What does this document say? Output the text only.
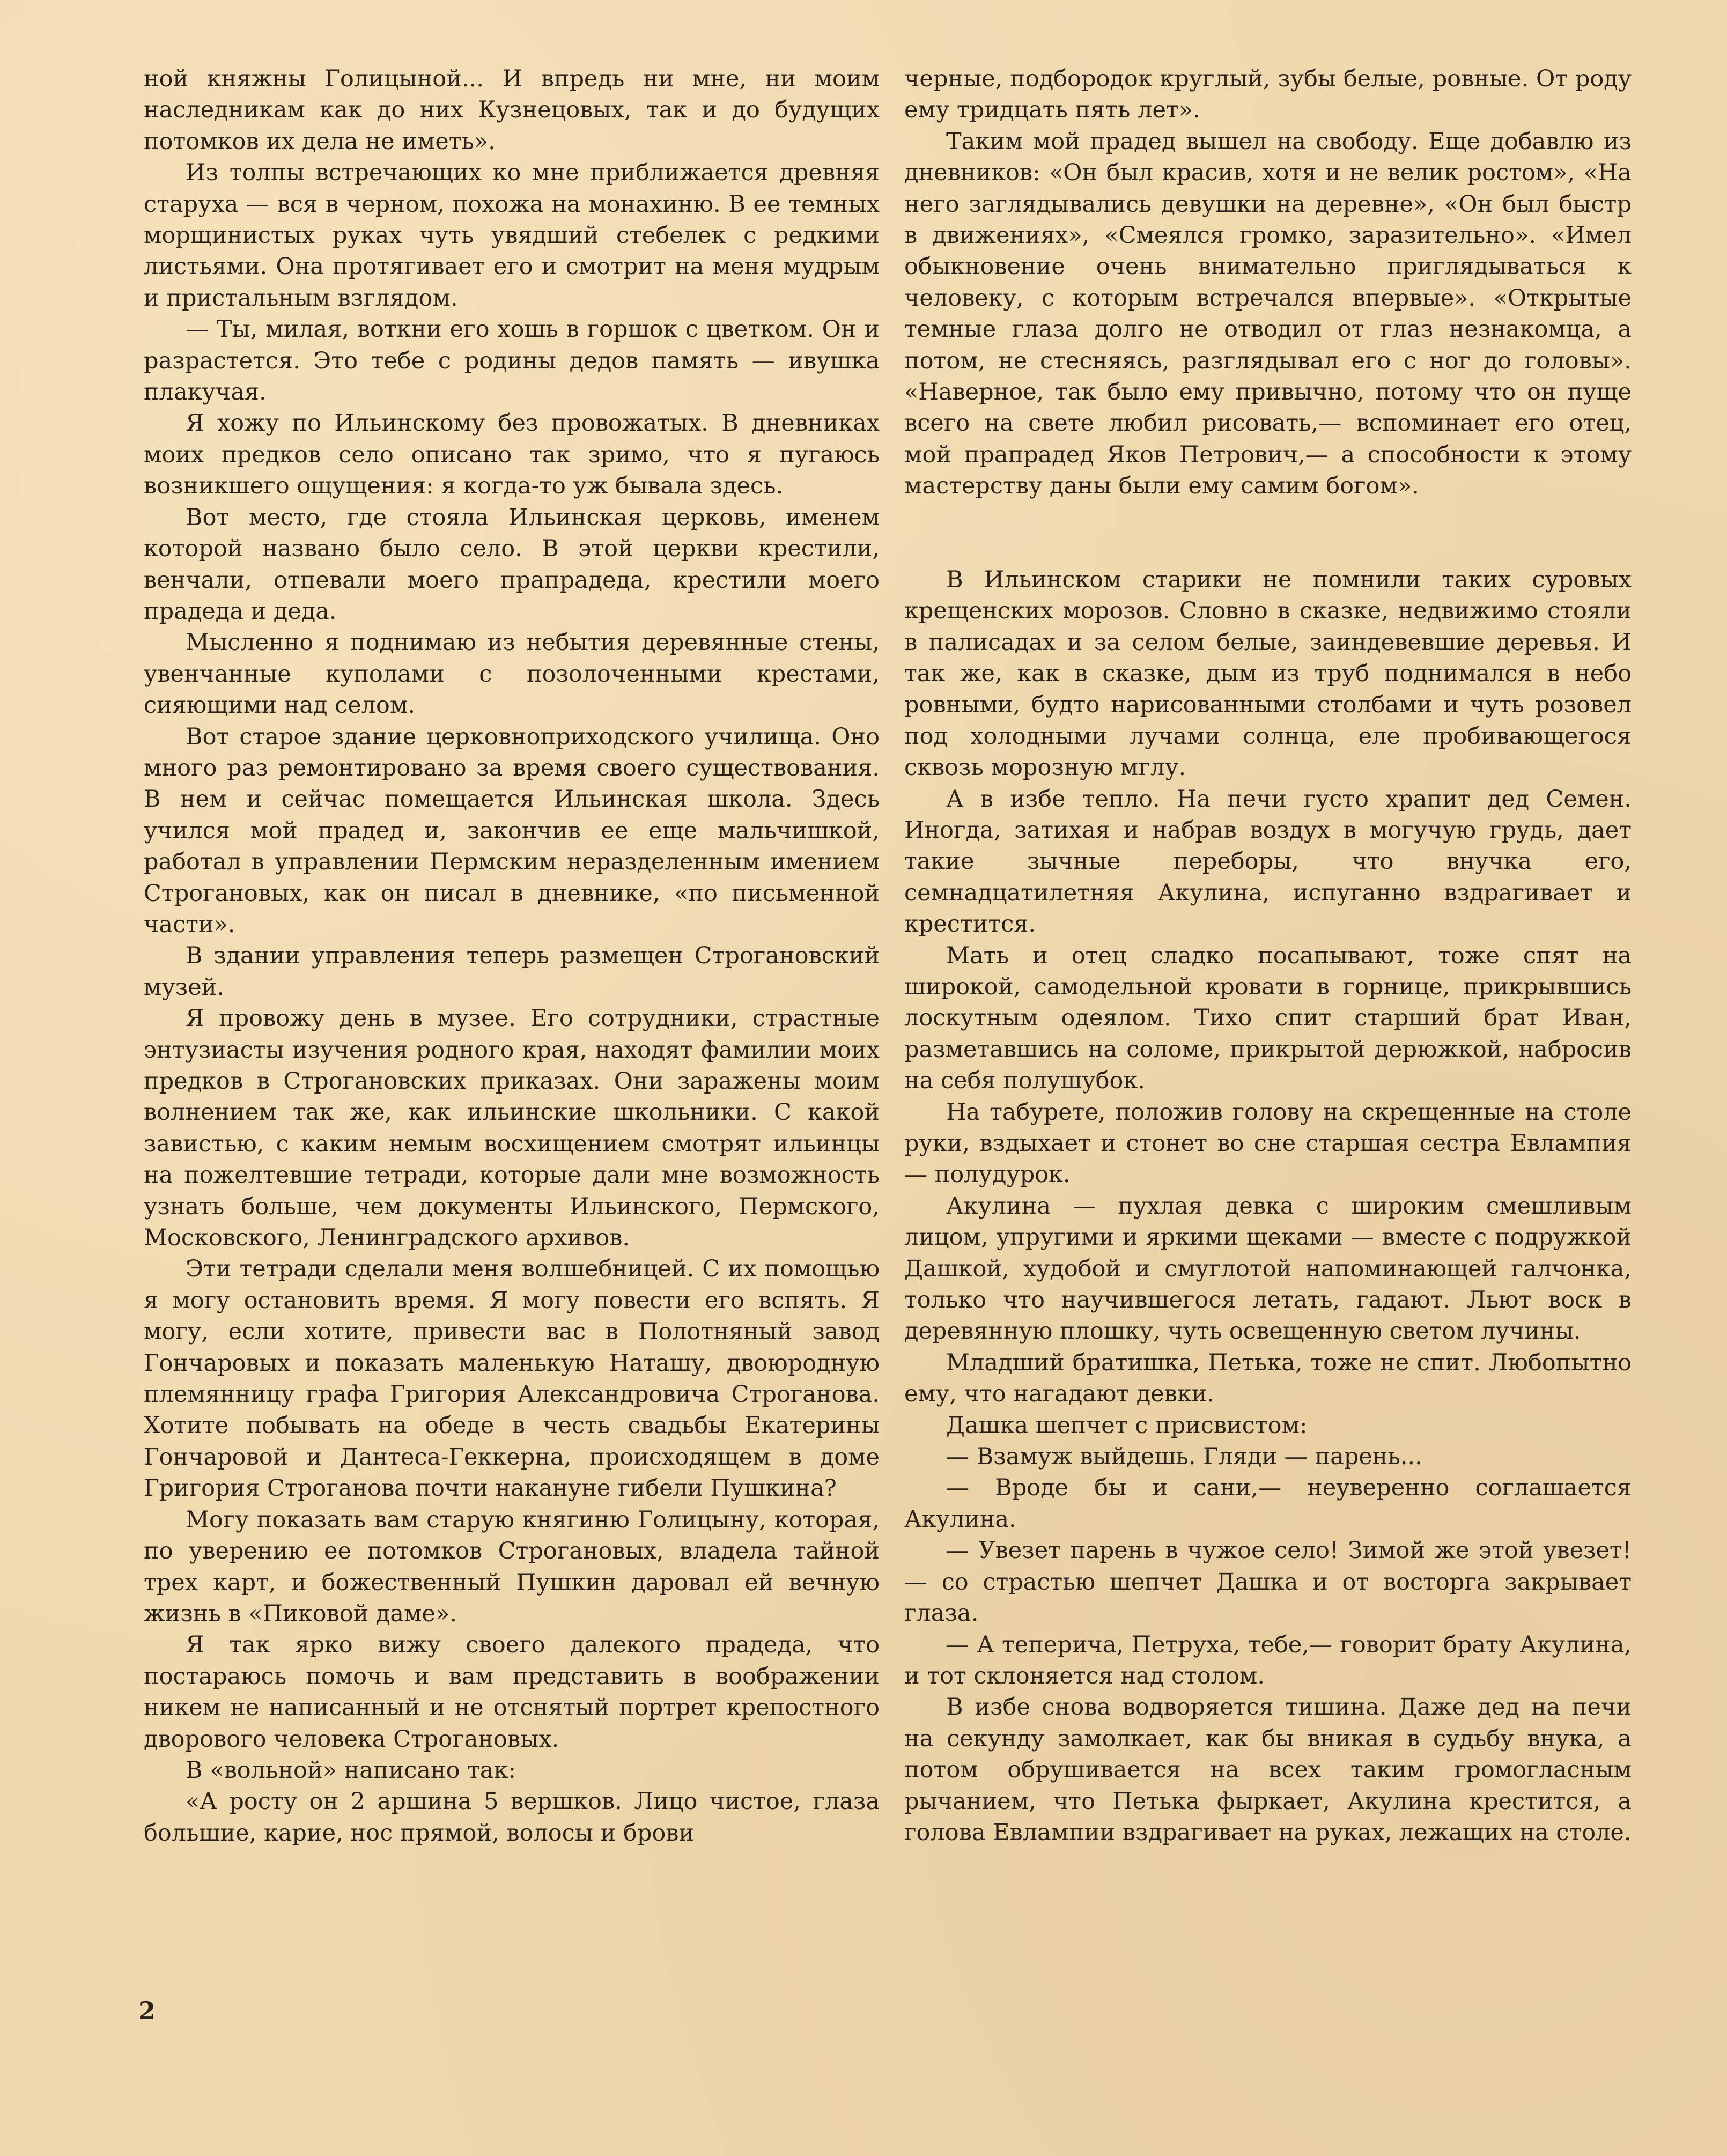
ной княжны Голицыной... И впредь ни мне, ни моим наследникам как до них Кузнецовых, так и до будущих потомков их дела не иметь».

Из толпы встречающих ко мне приближается древняя старуха — вся в черном, похожа на монахиню. В ее темных морщинистых руках чуть увядший стебелек с редкими листьями. Она протягивает его и смотрит на меня мудрым и пристальным взглядом.

— Ты, милая, воткни его хошь в горшок с цветком. Он и разрастется. Это тебе с родины дедов память — ивушка плакучая.

Я хожу по Ильинскому без провожатых. В дневниках моих предков село описано так зримо, что я пугаюсь возникшего ощущения: я когда-то уж бывала здесь.

Вот место, где стояла Ильинская церковь, именем которой названо было село. В этой церкви крестили, венчали, отпевали моего прапрадеда, крестили моего прадеда и деда.

Мысленно я поднимаю из небытия деревянные стены, увенчанные куполами с позолоченными крестами, сияющими над селом.

Вот старое здание церковноприходского училища. Оно много раз ремонтировано за время своего существования. В нем и сейчас помещается Ильинская школа. Здесь учился мой прадед и, закончив ее еще мальчишкой, работал в управлении Пермским неразделенным имением Строгановых, как он писал в дневнике, «по письменной части».

В здании управления теперь размещен Строгановский музей.

Я провожу день в музее. Его сотрудники, страстные энтузиасты изучения родного края, находят фамилии моих предков в Строгановских приказах. Они заражены моим волнением так же, как ильинские школьники. С какой завистью, с каким немым восхищением смотрят ильинцы на пожелтевшие тетради, которые дали мне возможность узнать больше, чем документы Ильинского, Пермского, Московского, Ленинградского архивов.

Эти тетради сделали меня волшебницей. С их помощью я могу остановить время. Я могу повести его вспять. Я могу, если хотите, привести вас в Полотняный завод Гончаровых и показать маленькую Наташу, двоюродную племянницу графа Григория Александровича Строганова. Хотите побывать на обеде в честь свадьбы Екатерины Гончаровой и Дантеса-Геккерна, происходящем в доме Григория Строганова почти накануне гибели Пушкина?

Могу показать вам старую княгиню Голицыну, которая, по уверению ее потомков Строгановых, владела тайной трех карт, и божественный Пушкин даровал ей вечную жизнь в «Пиковой даме».

Я так ярко вижу своего далекого прадеда, что постараюсь помочь и вам представить в воображении никем не написанный и не отснятый портрет крепостного дворового человека Строгановых.

В «вольной» написано так:

«А росту он 2 аршина 5 вершков. Лицо чистое, глаза большие, карие, нос прямой, волосы и брови

черные, подбородок круглый, зубы белые, ровные. От роду ему тридцать пять лет».

Таким мой прадед вышел на свободу. Еще добавлю из дневников: «Он был красив, хотя и не велик ростом», «На него заглядывались девушки на деревне», «Он был быстр в движениях», «Смеялся громко, заразительно». «Имел обыкновение очень внимательно приглядываться к человеку, с которым встречался впервые». «Открытые темные глаза долго не отводил от глаз незнакомца, а потом, не стесняясь, разглядывал его с ног до головы». «Наверное, так было ему привычно, потому что он пуще всего на свете любил рисовать,— вспоминает его отец, мой прапрадед Яков Петрович,— а способности к этому мастерству даны были ему самим богом».

В Ильинском старики не помнили таких суровых крещенских морозов. Словно в сказке, недвижимо стояли в палисадах и за селом белые, заиндевевшие деревья. И так же, как в сказке, дым из труб поднимался в небо ровными, будто нарисованными столбами и чуть розовел под холодными лучами солнца, еле пробивающегося сквозь морозную мглу.

А в избе тепло. На печи густо храпит дед Семен. Иногда, затихая и набрав воздух в могучую грудь, дает такие зычные переборы, что внучка его, семнадцатилетняя Акулина, испуганно вздрагивает и крестится.

Мать и отец сладко посапывают, тоже спят на широкой, самодельной кровати в горнице, прикрывшись лоскутным одеялом. Тихо спит старший брат Иван, разметавшись на соломе, прикрытой дерюжкой, набросив на себя полушубок.

На табурете, положив голову на скрещенные на столе руки, вздыхает и стонет во сне старшая сестра Евлампия — полудурок.

Акулина — пухлая девка с широким смешливым лицом, упругими и яркими щеками — вместе с подружкой Дашкой, худобой и смуглотой напоминающей галчонка, только что научившегося летать, гадают. Льют воск в деревянную плошку, чуть освещенную светом лучины.

Младший братишка, Петька, тоже не спит. Любопытно ему, что нагадают девки.

Дашка шепчет с присвистом:

— Взамуж выйдешь. Гляди — парень...

— Вроде бы и сани,— неуверенно соглашается Акулина.

— Увезет парень в чужое село! Зимой же этой увезет! — со страстью шепчет Дашка и от восторга закрывает глаза.

— А теперича, Петруха, тебе,— говорит брату Акулина, и тот склоняется над столом.

В избе снова водворяется тишина. Даже дед на печи на секунду замолкает, как бы вникая в судьбу внука, а потом обрушивается на всех таким громогласным рычанием, что Петька фыркает, Акулина крестится, а голова Евлампии вздрагивает на руках, лежащих на столе.

2
